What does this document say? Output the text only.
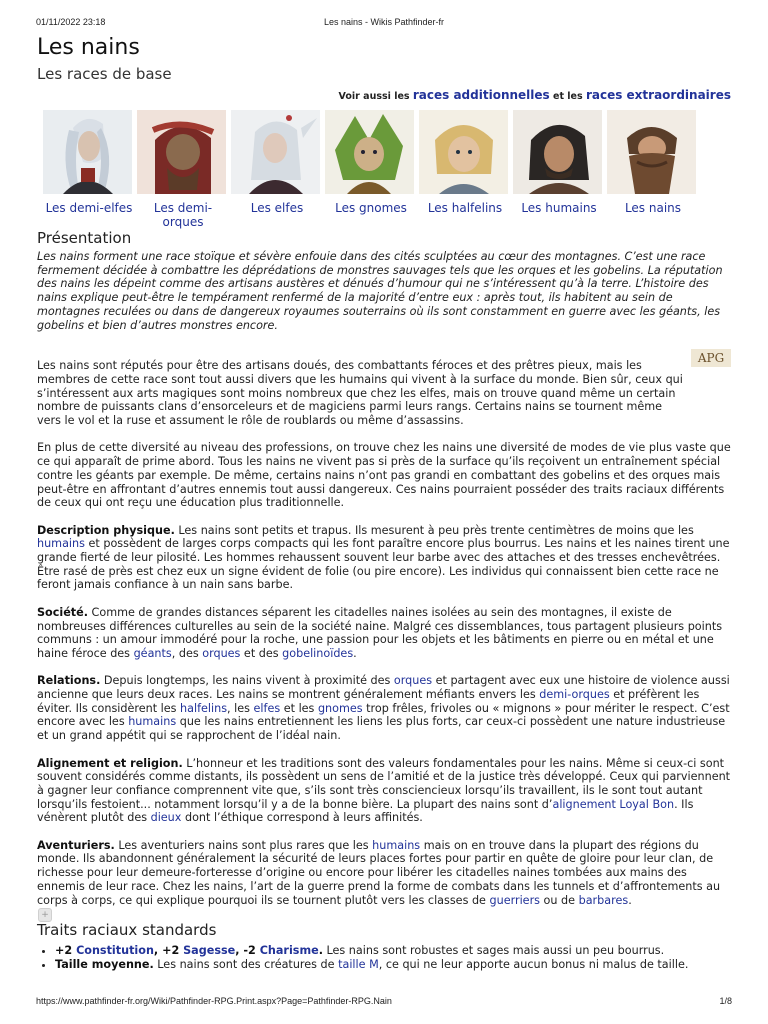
01/11/2022 23:18	Les nains - Wikis Pathfinder-fr
Les nains
Les races de base
Voir aussi les races additionnelles et les races extraordinaires
Les demi-elfes	Les demi-orques
Les elfes	Les gnomes	Les halfelins	Les humains	Les nains
Présentation

Les nains forment une race stoïque et sévère enfouie dans des cités sculptées au cœur des montagnes. C’est une race fermement décidée à combattre les déprédations de monstres sauvages tels que les orques et les gobelins. La réputation des nains les dépeint comme des artisans austères et dénués d’humour qui ne s’intéressent qu’à la terre. L’histoire des nains explique peut-être le tempérament renfermé de la majorité d’entre eux : après tout, ils habitent au sein de montagnes reculées ou dans de dangereux royaumes souterrains où ils sont constamment en guerre avec les géants, les gobelins et bien d’autres monstres encore.

Les nains sont réputés pour être des artisans doués, des combattants féroces et des prêtres pieux, mais les membres de cette race sont tout aussi divers que les humains qui vivent à la surface du monde. Bien sûr, ceux qui s’intéressent aux arts magiques sont moins nombreux que chez les elfes, mais on trouve quand même un certain nombre de puissants clans d’ensorceleurs et de magiciens parmi leurs rangs. Certains nains se tournent même vers le vol et la ruse et assument le rôle de roublards ou même d’assassins.

En plus de cette diversité au niveau des professions, on trouve chez les nains une diversité de modes de vie plus vaste que ce qui apparaît de prime abord. Tous les nains ne vivent pas si près de la surface qu’ils reçoivent un entraînement spécial contre les géants par exemple. De même, certains nains n’ont pas grandi en combattant des gobelins et des orques mais peut-être en affrontant d’autres ennemis tout aussi dangereux. Ces nains pourraient posséder des traits raciaux différents de ceux qui ont reçu une éducation plus traditionnelle.

Description physique. Les nains sont petits et trapus. Ils mesurent à peu près trente centimètres de moins que les humains et possèdent de larges corps compacts qui les font paraître encore plus bourrus. Les nains et les naines tirent une grande fierté de leur pilosité. Les hommes rehaussent souvent leur barbe avec des attaches et des tresses enchevêtrées. Être rasé de près est chez eux un signe évident de folie (ou pire encore). Les individus qui connaissent bien cette race ne feront jamais confiance à un nain sans barbe.

Société. Comme de grandes distances séparent les citadelles naines isolées au sein des montagnes, il existe de nombreuses différences culturelles au sein de la société naine. Malgré ces dissemblances, tous partagent plusieurs points communs : un amour immodéré pour la roche, une passion pour les objets et les bâtiments en pierre ou en métal et une haine féroce des géants, des orques et des gobelinoïdes.

Relations. Depuis longtemps, les nains vivent à proximité des orques et partagent avec eux une histoire de violence aussi ancienne que leurs deux races. Les nains se montrent généralement méfiants envers les demi-orques et préfèrent les éviter. Ils considèrent les halfelins, les elfes et les gnomes trop frêles, frivoles ou « mignons » pour mériter le respect. C’est encore avec les humains que les nains entretiennent les liens les plus forts, car ceux-ci possèdent une nature industrieuse et un grand appétit qui se rapprochent de l’idéal nain.

Alignement et religion. L’honneur et les traditions sont des valeurs fondamentales pour les nains. Même si ceux-ci sont souvent considérés comme distants, ils possèdent un sens de l’amitié et de la justice très développé. Ceux qui parviennent à gagner leur confiance comprennent vite que, s’ils sont très consciencieux lorsqu’ils travaillent, ils le sont tout autant lorsqu’ils festoient... notamment lorsqu’il y a de la bonne bière. La plupart des nains sont d’alignement Loyal Bon. Ils vénèrent plutôt des dieux dont l’éthique correspond à leurs affinités.

Aventuriers. Les aventuriers nains sont plus rares que les humains mais on en trouve dans la plupart des régions du monde. Ils abandonnent généralement la sécurité de leurs places fortes pour partir en quête de gloire pour leur clan, de richesse pour leur demeure-forteresse d’origine ou encore pour libérer les citadelles naines tombées aux mains des ennemis de leur race. Chez les nains, l’art de la guerre prend la forme de combats dans les tunnels et d’affrontements au corps à corps, ce qui explique pourquoi ils se tournent plutôt vers les classes de guerriers ou de barbares.

APG
+
Traits raciaux standards
• +2 Constitution, +2 Sagesse, -2 Charisme. Les nains sont robustes et sages mais aussi un peu bourrus.
• Taille moyenne. Les nains sont des créatures de taille M, ce qui ne leur apporte aucun bonus ni malus de taille.
https://www.pathfinder-fr.org/Wiki/Pathfinder-RPG.Print.aspx?Page=Pathfinder-RPG.Nain	1/8
